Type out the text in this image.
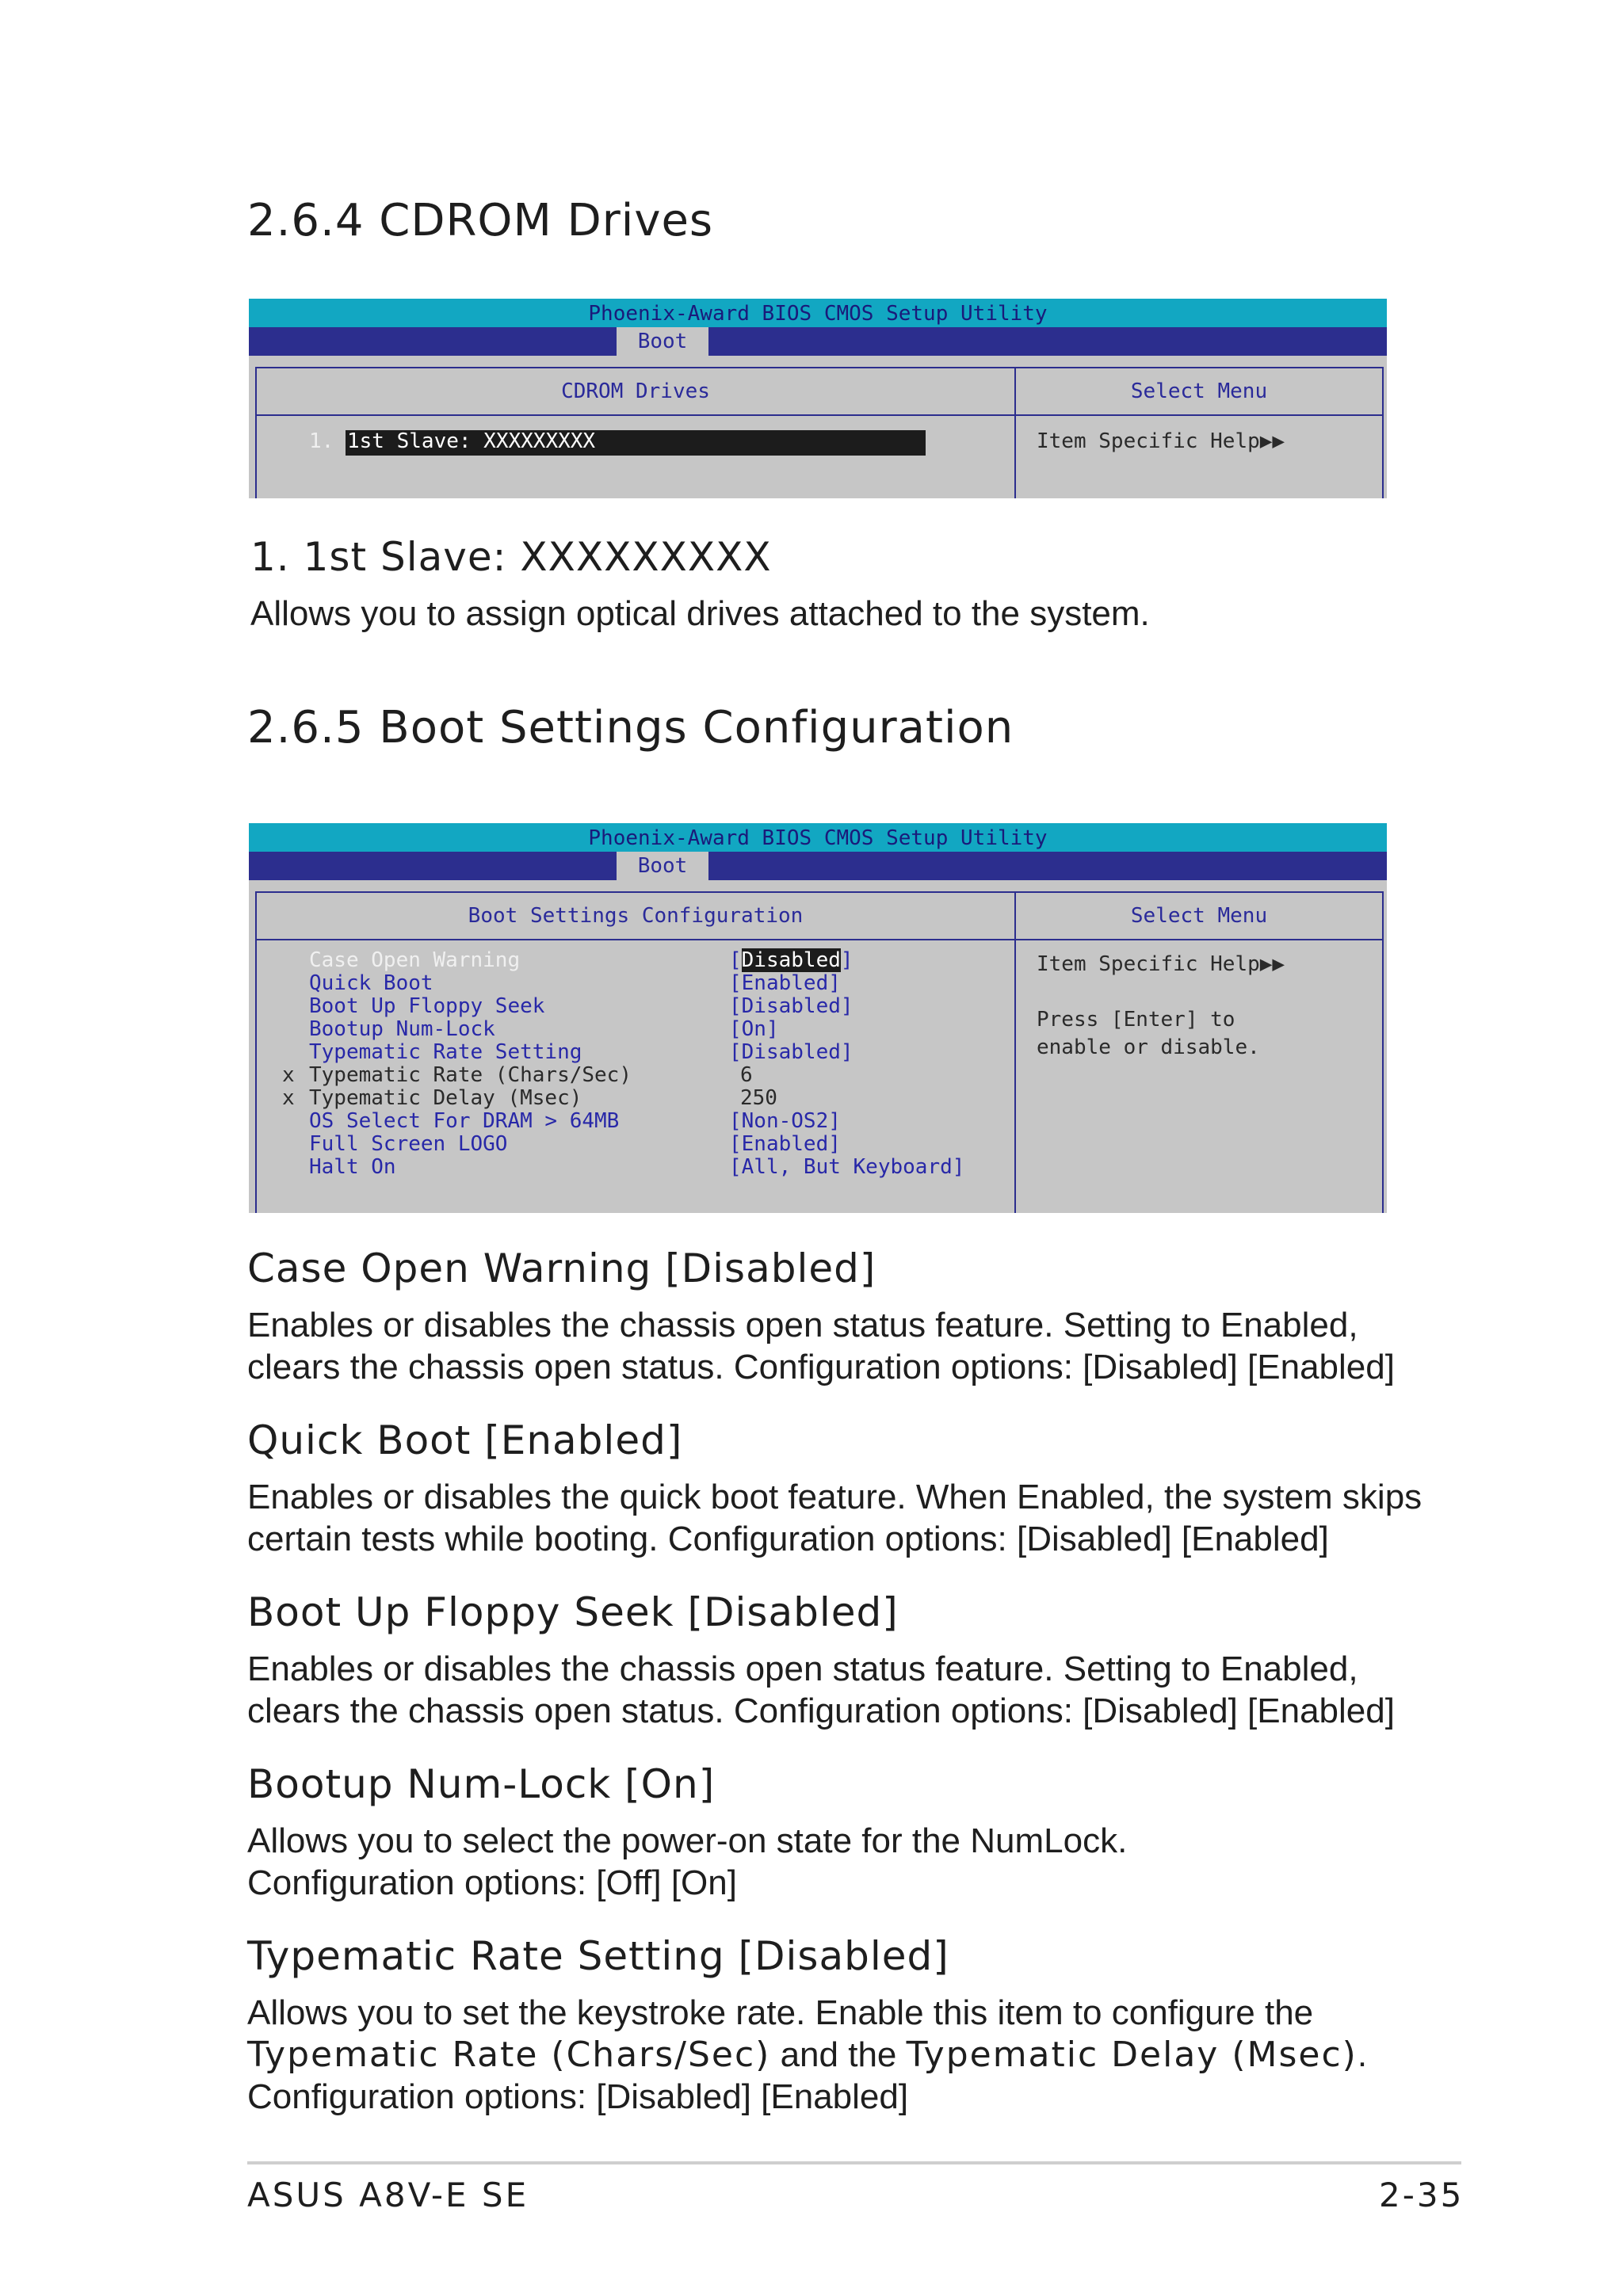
2.6.4 CDROM Drives
Phoenix-Award BIOS CMOS Setup Utility
Boot
CDROM Drives
1. 1st Slave: XXXXXXXXX
Select Menu
Item Specific Help▶▶
1. 1st Slave: XXXXXXXXX
Allows you to assign optical drives attached to the system.
2.6.5 Boot Settings Configuration
Phoenix-Award BIOS CMOS Setup Utility
Boot
Boot Settings Configuration
Case Open Warning	[Disabled]
Quick Boot	[Enabled]
Boot Up Floppy Seek	[Disabled]
Bootup Num-Lock	[On]
Typematic Rate Setting	[Disabled]
x Typematic Rate (Chars/Sec)	6
x Typematic Delay (Msec)	250
OS Select For DRAM > 64MB	[Non-OS2]
Full Screen LOGO	[Enabled]
Halt On	[All, But Keyboard]
Select Menu
Item Specific Help▶▶
Press [Enter] to
enable or disable.
Case Open Warning [Disabled]
Enables or disables the chassis open status feature. Setting to Enabled,
clears the chassis open status. Configuration options: [Disabled] [Enabled]
Quick Boot [Enabled]
Enables or disables the quick boot feature. When Enabled, the system skips
certain tests while booting. Configuration options: [Disabled] [Enabled]
Boot Up Floppy Seek [Disabled]
Enables or disables the chassis open status feature. Setting to Enabled,
clears the chassis open status. Configuration options: [Disabled] [Enabled]
Bootup Num-Lock [On]
Allows you to select the power-on state for the NumLock.
Configuration options: [Off] [On]
Typematic Rate Setting [Disabled]
Allows you to set the keystroke rate. Enable this item to configure the
Typematic Rate (Chars/Sec) and the Typematic Delay (Msec).
Configuration options: [Disabled] [Enabled]
ASUS A8V-E SE	2-35
